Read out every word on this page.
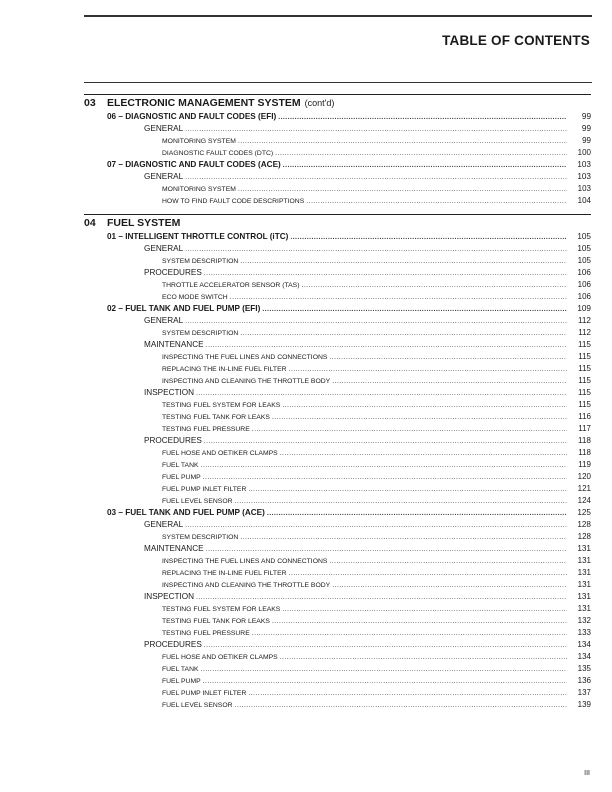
TABLE OF CONTENTS
03	ELECTRONIC MANAGEMENT SYSTEM (cont'd)
06 – DIAGNOSTIC AND FAULT CODES (EFI) .....	99
GENERAL .....	99
MONITORING SYSTEM .....	99
DIAGNOSTIC FAULT CODES (DTC) .....	100
07 – DIAGNOSTIC AND FAULT CODES (ACE) .....	103
GENERAL .....	103
MONITORING SYSTEM .....	103
HOW TO FIND FAULT CODE DESCRIPTIONS .....	104
04	FUEL SYSTEM
01 – INTELLIGENT THROTTLE CONTROL (iTC) .....	105
GENERAL .....	105
SYSTEM DESCRIPTION .....	105
PROCEDURES .....	106
THROTTLE ACCELERATOR SENSOR (TAS) .....	106
ECO MODE SWITCH .....	106
02 – FUEL TANK AND FUEL PUMP (EFI) .....	109
GENERAL .....	112
SYSTEM DESCRIPTION .....	112
MAINTENANCE .....	115
INSPECTING THE FUEL LINES AND CONNECTIONS .....	115
REPLACING THE IN-LINE FUEL FILTER .....	115
INSPECTING AND CLEANING THE THROTTLE BODY .....	115
INSPECTION .....	115
TESTING FUEL SYSTEM FOR LEAKS .....	115
TESTING FUEL TANK FOR LEAKS .....	116
TESTING FUEL PRESSURE .....	117
PROCEDURES .....	118
FUEL HOSE AND OETIKER CLAMPS .....	118
FUEL TANK .....	119
FUEL PUMP .....	120
FUEL PUMP INLET FILTER .....	121
FUEL LEVEL SENSOR .....	124
03 – FUEL TANK AND FUEL PUMP (ACE) .....	125
GENERAL .....	128
SYSTEM DESCRIPTION .....	128
MAINTENANCE .....	131
INSPECTING THE FUEL LINES AND CONNECTIONS .....	131
REPLACING THE IN-LINE FUEL FILTER .....	131
INSPECTING AND CLEANING THE THROTTLE BODY .....	131
INSPECTION .....	131
TESTING FUEL SYSTEM FOR LEAKS .....	131
TESTING FUEL TANK FOR LEAKS .....	132
TESTING FUEL PRESSURE .....	133
PROCEDURES .....	134
FUEL HOSE AND OETIKER CLAMPS .....	134
FUEL TANK .....	135
FUEL PUMP .....	136
FUEL PUMP INLET FILTER .....	137
FUEL LEVEL SENSOR .....	139
III
